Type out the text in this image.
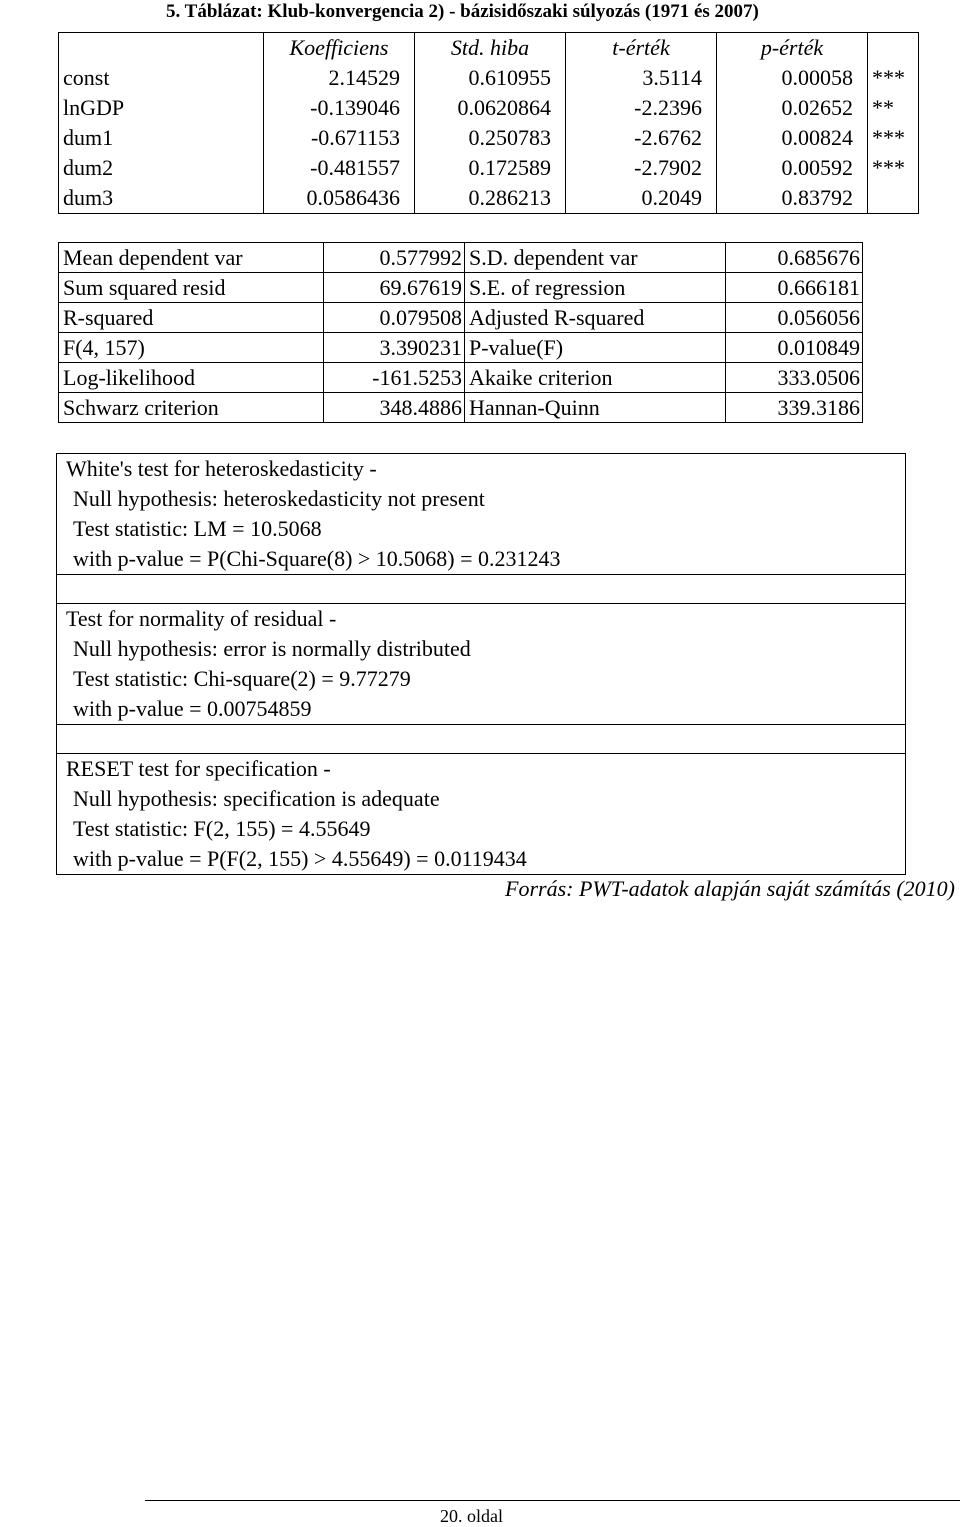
5. Táblázat: Klub-konvergencia 2) - bázisidőszaki súlyozás (1971 és 2007)
	Koefficiens	Std. hiba	t-érték	p-érték	
const	2.14529	0.610955	3.5114	0.00058	***
lnGDP	-0.139046	0.0620864	-2.2396	0.02652	**
dum1	-0.671153	0.250783	-2.6762	0.00824	***
dum2	-0.481557	0.172589	-2.7902	0.00592	***
dum3	0.0586436	0.286213	0.2049	0.83792	
Mean dependent var	0.577992	S.D. dependent var	0.685676
Sum squared resid	69.67619	S.E. of regression	0.666181
R-squared	0.079508	Adjusted R-squared	0.056056
F(4, 157)	3.390231	P-value(F)	0.010849
Log-likelihood	-161.5253	Akaike criterion	333.0506
Schwarz criterion	348.4886	Hannan-Quinn	339.3186
White's test for heteroskedasticity -
Null hypothesis: heteroskedasticity not present
Test statistic: LM = 10.5068
with p-value = P(Chi-Square(8) > 10.5068) = 0.231243
Test for normality of residual -
Null hypothesis: error is normally distributed
Test statistic: Chi-square(2) = 9.77279
with p-value = 0.00754859
RESET test for specification -
Null hypothesis: specification is adequate
Test statistic: F(2, 155) = 4.55649
with p-value = P(F(2, 155) > 4.55649) = 0.0119434
Forrás: PWT-adatok alapján saját számítás (2010)
20. oldal
